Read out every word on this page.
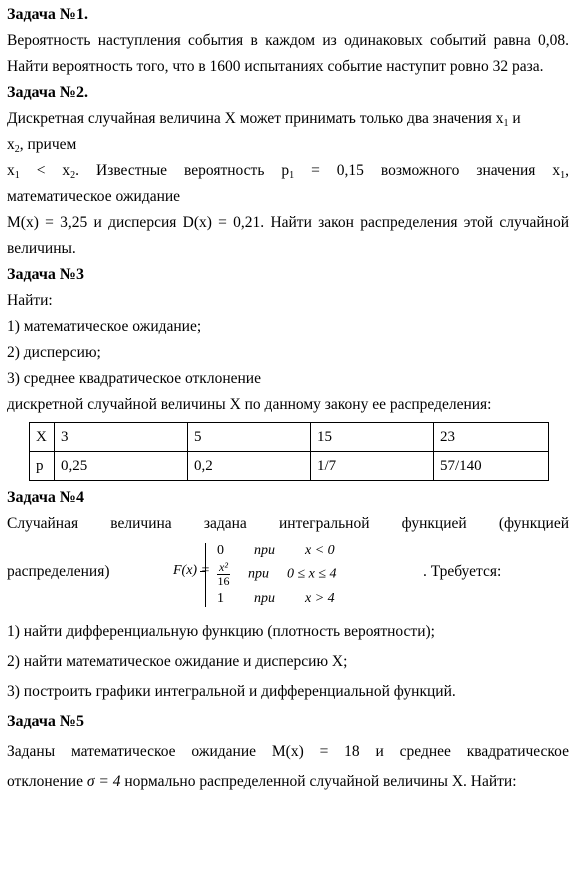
Задача №1.
Вероятность наступления события в каждом из одинаковых событий равна 0,08. Найти вероятность того, что в 1600 испытаниях событие наступит ровно 32 раза.
Задача №2.
Дискретная случайная величина X может принимать только два значения $x_1$ и
$x_2$, причем
$x_1 < x_2$. Известные вероятность $p_1 = 0,15$ возможного значения $x_1$,
математическое ожидание
M(x) = 3,25 и дисперсия D(x) = 0,21. Найти закон распределения этой случайной величины.
Задача №3
Найти:
1) математическое ожидание;
2) дисперсию;
3) среднее квадратическое отклонение
дискретной случайной величины X по данному закону ее распределения:
X	3	5	15	23
p	0,25	0,2	1/7	57/140
Задача №4
Случайная величина задана интегральной функцией (функцией
распределения)	F(x) =
0 при x < 0
$\frac{\text{x²}}{16}$ при 0 ≤ x ≤ 4
1 при x > 4
. Требуется:
1) найти дифференциальную функцию (плотность вероятности);
2) найти математическое ожидание и дисперсию X;
3) построить графики интегральной и дифференциальной функций.
Задача №5
Заданы математическое ожидание M(x) = 18 и среднее квадратическое
отклонение σ = 4 нормально распределенной случайной величины X. Найти:
